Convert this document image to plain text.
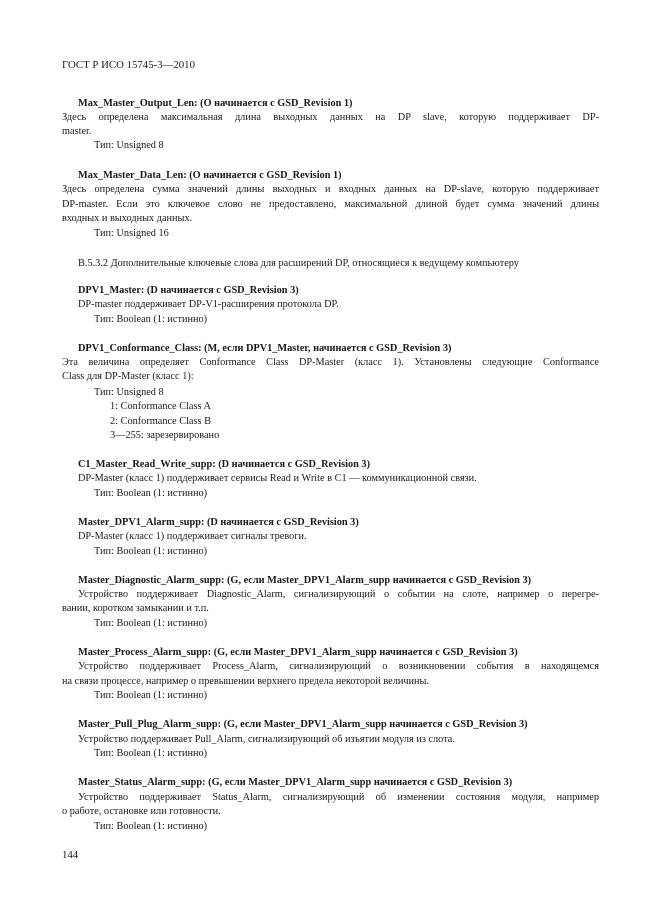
ГОСТ Р ИСО 15745-3—2010
Max_Master_Output_Len: (O начинается с GSD_Revision 1)
Здесь определена максимальная длина выходных данных на DP slave, которую поддерживает DP-
master.
Тип: Unsigned 8
Max_Master_Data_Len: (O начинается с GSD_Revision 1)
Здесь определена сумма значений длины выходных и входных данных на DP-slave, которую поддерживает
DP-master. Если это ключевое слово не предоставлено, максимальной длиной будет сумма значений длины
входных и выходных данных.
Тип: Unsigned 16
В.5.3.2 Дополнительные ключевые слова для расширений DP, относящиеся к ведущему компьютеру
DPV1_Master: (D начинается с GSD_Revision 3)
DP-master поддерживает DP-V1-расширения протокола DP.
Тип: Boolean (1: истинно)
DPV1_Conformance_Class: (M, если DPV1_Master, начинается с GSD_Revision 3)
Эта величина определяет Conformance Class DP-Master (класс 1). Установлены следующие Conformance
Class для DP-Master (класс 1):
Тип: Unsigned 8
1: Conformance Class A
2: Conformance Class B
3—255: зарезервировано
C1_Master_Read_Write_supp: (D начинается с GSD_Revision 3)
DP-Master (класс 1) поддерживает сервисы Read и Write в C1 — коммуникационной связи.
Тип: Boolean (1: истинно)
Master_DPV1_Alarm_supp: (D начинается с GSD_Revision 3)
DP-Master (класс 1) поддерживает сигналы тревоги.
Тип: Boolean (1: истинно)
Master_Diagnostic_Alarm_supp: (G, если Master_DPV1_Alarm_supp начинается с GSD_Revision 3)
Устройство поддерживает Diagnostic_Alarm, сигнализирующий о событии на слоте, например о перегре-
вании, коротком замыкании и т.п.
Тип: Boolean (1: истинно)
Master_Process_Alarm_supp: (G, если Master_DPV1_Alarm_supp начинается с GSD_Revision 3)
Устройство поддерживает Process_Alarm, сигнализирующий о возникновении события в находящемся
на связи процессе, например о превышении верхнего предела некоторой величины.
Тип: Boolean (1: истинно)
Master_Pull_Plug_Alarm_supp: (G, если Master_DPV1_Alarm_supp начинается с GSD_Revision 3)
Устройство поддерживает Pull_Alarm, сигнализирующий об изъятии модуля из слота.
Тип: Boolean (1: истинно)
Master_Status_Alarm_supp: (G, если Master_DPV1_Alarm_supp начинается с GSD_Revision 3)
Устройство поддерживает Status_Alarm, сигнализирующий об изменении состояния модуля, например
о работе, остановке или готовности.
Тип: Boolean (1: истинно)
144
